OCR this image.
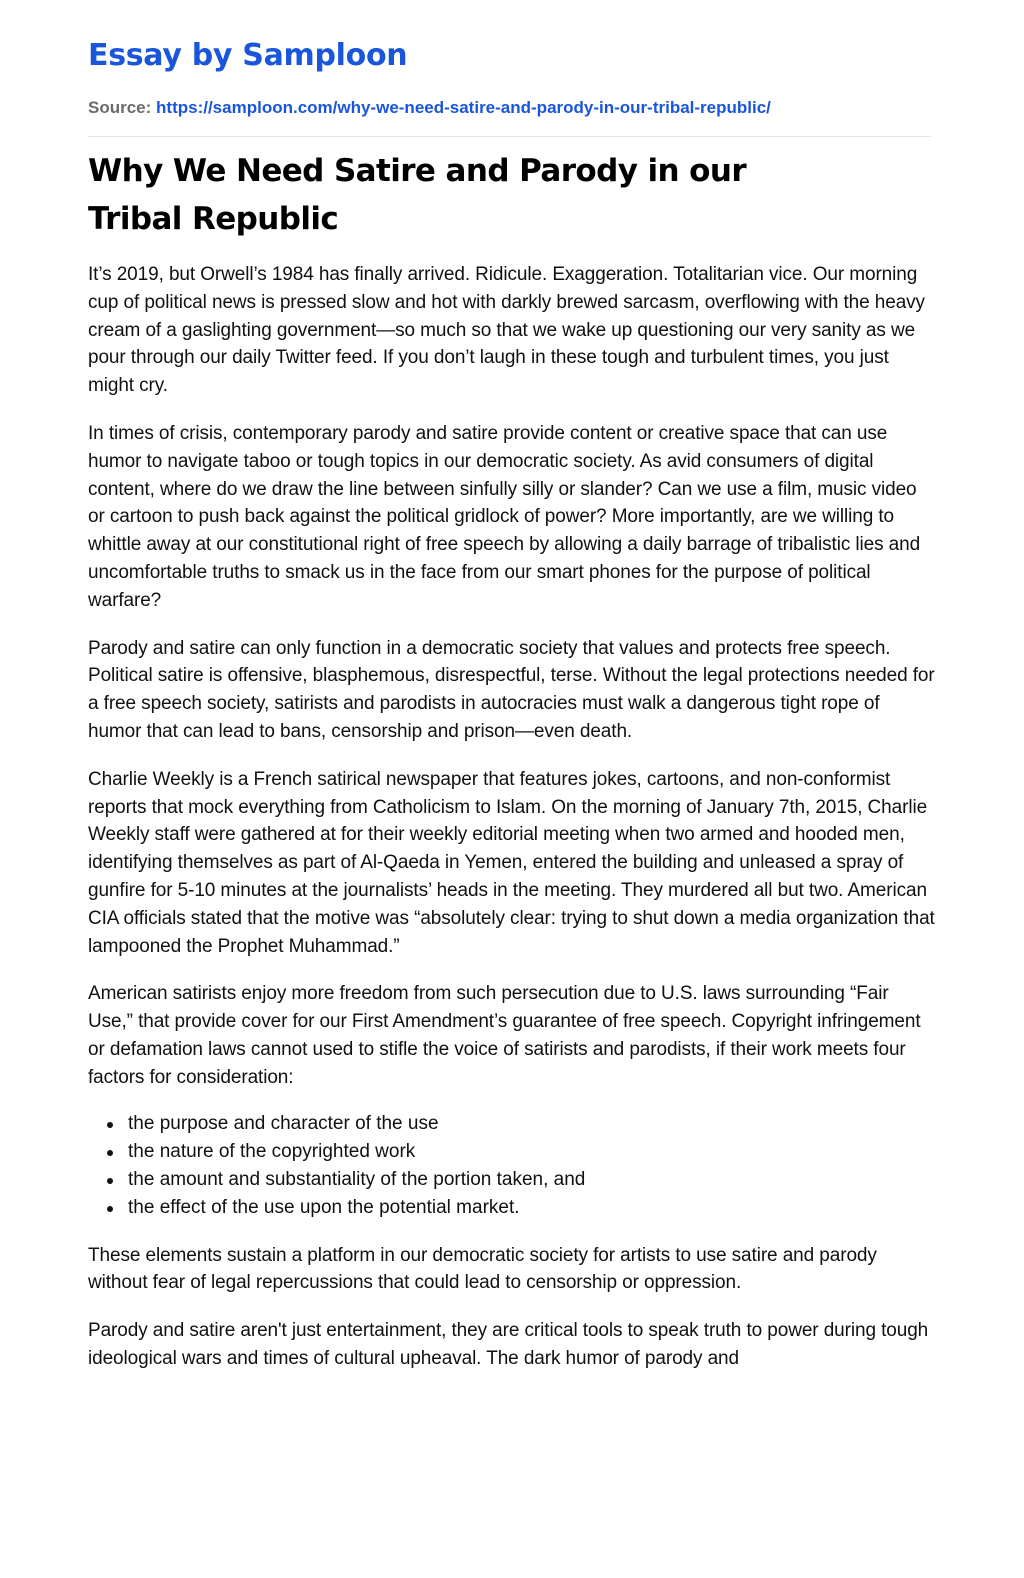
Essay by Samploon
Source: https://samploon.com/why-we-need-satire-and-parody-in-our-tribal-republic/
Why We Need Satire and Parody in our Tribal Republic

It’s 2019, but Orwell’s 1984 has finally arrived. Ridicule. Exaggeration. Totalitarian vice. Our morning cup of political news is pressed slow and hot with darkly brewed sarcasm, overflowing with the heavy cream of a gaslighting government—so much so that we wake up questioning our very sanity as we pour through our daily Twitter feed. If you don’t laugh in these tough and turbulent times, you just might cry.

In times of crisis, contemporary parody and satire provide content or creative space that can use humor to navigate taboo or tough topics in our democratic society. As avid consumers of digital content, where do we draw the line between sinfully silly or slander? Can we use a film, music video or cartoon to push back against the political gridlock of power? More importantly, are we willing to whittle away at our constitutional right of free speech by allowing a daily barrage of tribalistic lies and uncomfortable truths to smack us in the face from our smart phones for the purpose of political warfare?

Parody and satire can only function in a democratic society that values and protects free speech. Political satire is offensive, blasphemous, disrespectful, terse. Without the legal protections needed for a free speech society, satirists and parodists in autocracies must walk a dangerous tight rope of humor that can lead to bans, censorship and prison—even death.

Charlie Weekly is a French satirical newspaper that features jokes, cartoons, and non-conformist reports that mock everything from Catholicism to Islam. On the morning of January 7th, 2015, Charlie Weekly staff were gathered at for their weekly editorial meeting when two armed and hooded men, identifying themselves as part of Al-Qaeda in Yemen, entered the building and unleased a spray of gunfire for 5-10 minutes at the journalists’ heads in the meeting. They murdered all but two. American CIA officials stated that the motive was “absolutely clear: trying to shut down a media organization that lampooned the Prophet Muhammad.”

American satirists enjoy more freedom from such persecution due to U.S. laws surrounding “Fair Use,” that provide cover for our First Amendment’s guarantee of free speech. Copyright infringement or defamation laws cannot used to stifle the voice of satirists and parodists, if their work meets four factors for consideration:

the purpose and character of the use
the nature of the copyrighted work
the amount and substantiality of the portion taken, and
the effect of the use upon the potential market.

These elements sustain a platform in our democratic society for artists to use satire and parody without fear of legal repercussions that could lead to censorship or oppression.

Parody and satire aren't just entertainment, they are critical tools to speak truth to power during tough ideological wars and times of cultural upheaval. The dark humor of parody and
